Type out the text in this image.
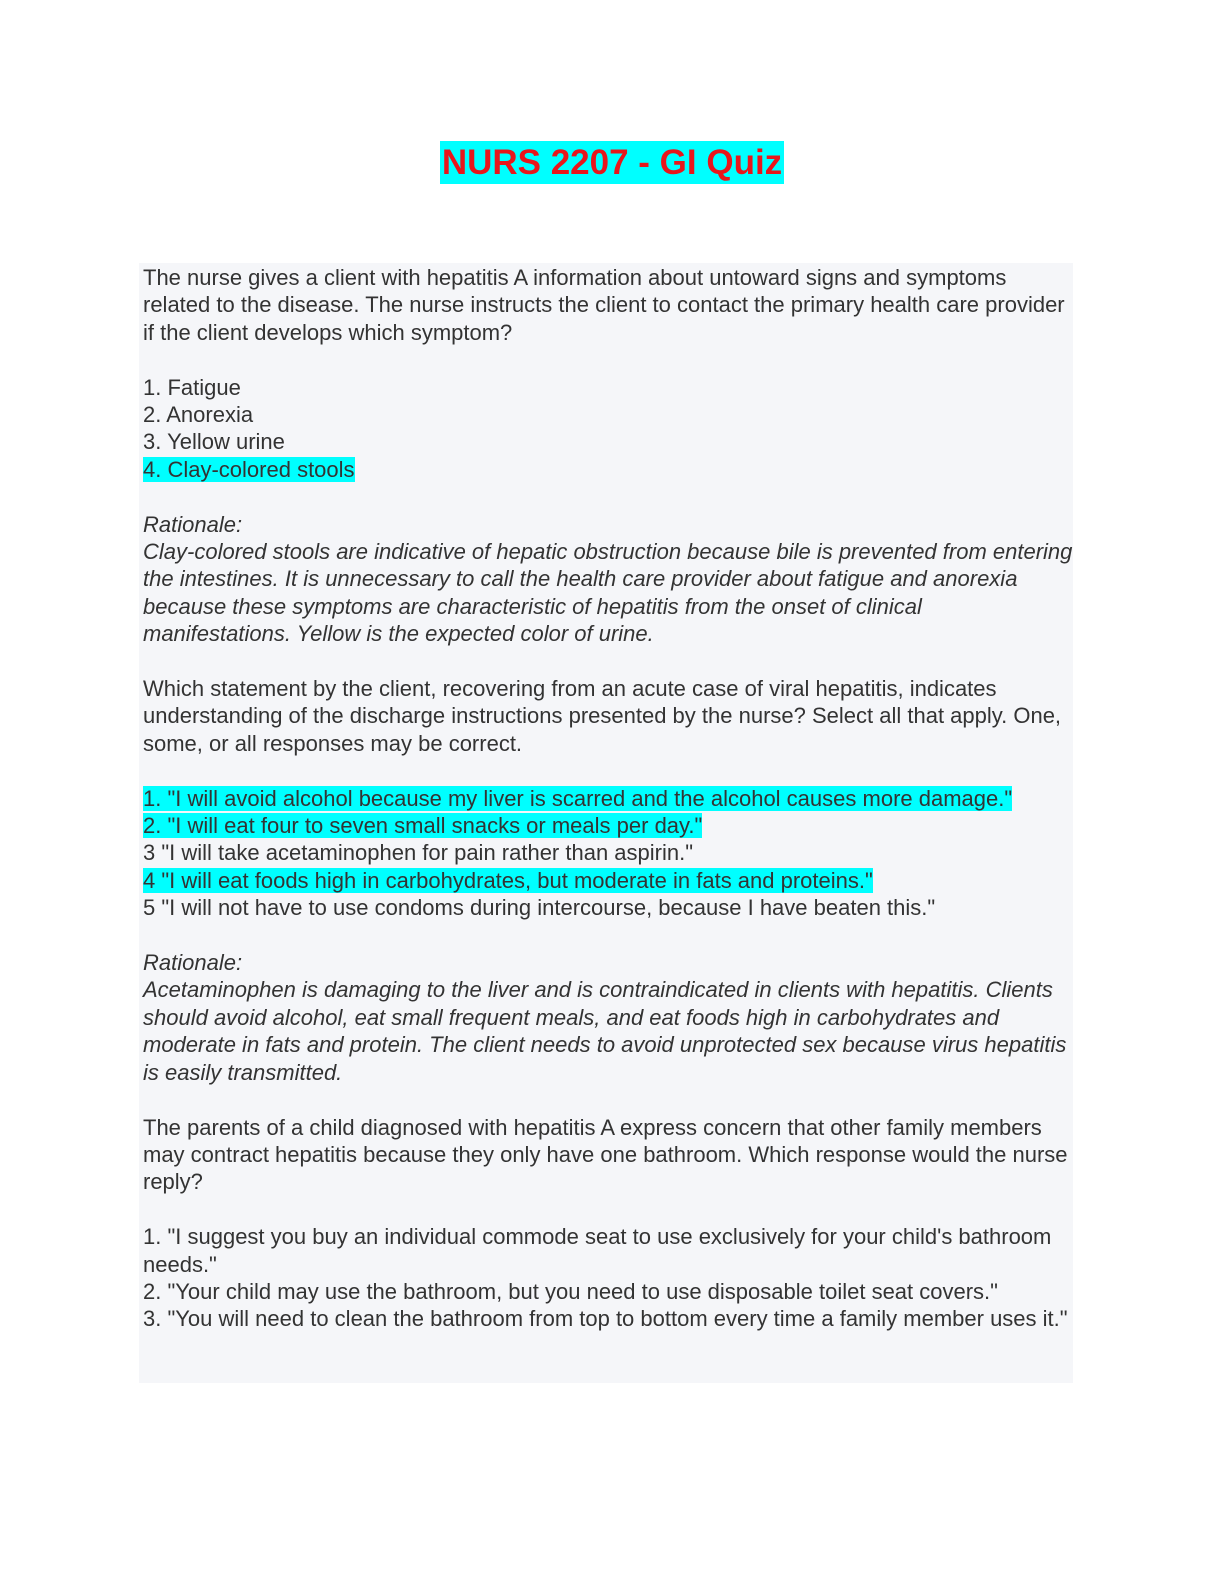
NURS 2207 - GI Quiz

The nurse gives a client with hepatitis A information about untoward signs and symptoms related to the disease. The nurse instructs the client to contact the primary health care provider if the client develops which symptom?

1. Fatigue

2. Anorexia

3. Yellow urine

4. Clay-colored stools

Rationale:

Clay-colored stools are indicative of hepatic obstruction because bile is prevented from entering the intestines. It is unnecessary to call the health care provider about fatigue and anorexia because these symptoms are characteristic of hepatitis from the onset of clinical manifestations. Yellow is the expected color of urine.

Which statement by the client, recovering from an acute case of viral hepatitis, indicates understanding of the discharge instructions presented by the nurse? Select all that apply. One, some, or all responses may be correct.

1. "I will avoid alcohol because my liver is scarred and the alcohol causes more damage."

2. "I will eat four to seven small snacks or meals per day."

3 "I will take acetaminophen for pain rather than aspirin."

4 "I will eat foods high in carbohydrates, but moderate in fats and proteins."

5 "I will not have to use condoms during intercourse, because I have beaten this."

Rationale:

Acetaminophen is damaging to the liver and is contraindicated in clients with hepatitis. Clients should avoid alcohol, eat small frequent meals, and eat foods high in carbohydrates and moderate in fats and protein. The client needs to avoid unprotected sex because virus hepatitis is easily transmitted.

The parents of a child diagnosed with hepatitis A express concern that other family members may contract hepatitis because they only have one bathroom. Which response would the nurse reply?

1. "I suggest you buy an individual commode seat to use exclusively for your child's bathroom needs."

2. "Your child may use the bathroom, but you need to use disposable toilet seat covers."

3. "You will need to clean the bathroom from top to bottom every time a family member uses it."
